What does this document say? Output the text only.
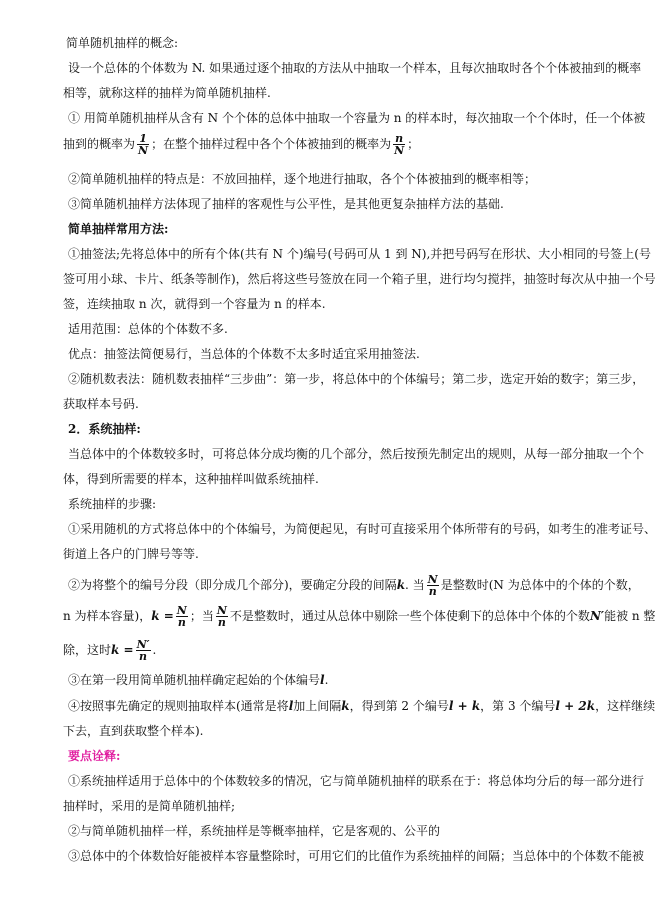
简单随机抽样的概念:
设一个总体的个体数为 N. 如果通过逐个抽取的方法从中抽取一个样本，且每次抽取时各个个体被抽到的概率
相等，就称这样的抽样为简单随机抽样.
① 用简单随机抽样从含有 N 个个体的总体中抽取一个容量为 n 的样本时，每次抽取一个个体时，任一个体被
抽到的概率为 $\frac{1}{N}$ ；在整个抽样过程中各个个体被抽到的概率为 $\frac{n}{N}$ ；
②简单随机抽样的特点是：不放回抽样，逐个地进行抽取，各个个体被抽到的概率相等；
③简单随机抽样方法体现了抽样的客观性与公平性，是其他更复杂抽样方法的基础.
简单抽样常用方法:
①抽签法;先将总体中的所有个体(共有 N 个)编号(号码可从 1 到 N),并把号码写在形状、大小相同的号签上(号
签可用小球、卡片、纸条等制作)，然后将这些号签放在同一个箱子里，进行均匀搅拌，抽签时每次从中抽一个号
签，连续抽取 n 次，就得到一个容量为 n 的样本.
适用范围：总体的个体数不多.
优点：抽签法简便易行，当总体的个体数不太多时适宜采用抽签法.
②随机数表法：随机数表抽样“三步曲”：第一步，将总体中的个体编号；第二步，选定开始的数字；第三步，
获取样本号码.
2．系统抽样:
当总体中的个体数较多时，可将总体分成均衡的几个部分，然后按预先制定出的规则，从每一部分抽取一个个
体，得到所需要的样本，这种抽样叫做系统抽样.
系统抽样的步骤:
①采用随机的方式将总体中的个体编号，为简便起见，有时可直接采用个体所带有的号码，如考生的准考证号、
街道上各户的门牌号等等.
②为将整个的编号分段（即分成几个部分)，要确定分段的间隔k. 当 $\frac{N}{n}$ 是整数时(N 为总体中的个体的个数，
n 为样本容量)，$k = \frac{N}{n}$ ；当 $\frac{N}{n}$ 不是整数时，通过从总体中剔除一些个体使剩下的总体中个体的个数N′能被 n 整
除，这时$k = \frac{N'}{n}$ .
③在第一段用简单随机抽样确定起始的个体编号l.
④按照事先确定的规则抽取样本(通常是将l加上间隔k，得到第 2 个编号l + k，第 3 个编号l + 2k，这样继续
下去，直到获取整个样本).
要点诠释:
①系统抽样适用于总体中的个体数较多的情况，它与简单随机抽样的联系在于：将总体均分后的每一部分进行
抽样时，采用的是简单随机抽样;
②与简单随机抽样一样，系统抽样是等概率抽样，它是客观的、公平的
③总体中的个体数恰好能被样本容量整除时，可用它们的比值作为系统抽样的间隔；当总体中的个体数不能被
